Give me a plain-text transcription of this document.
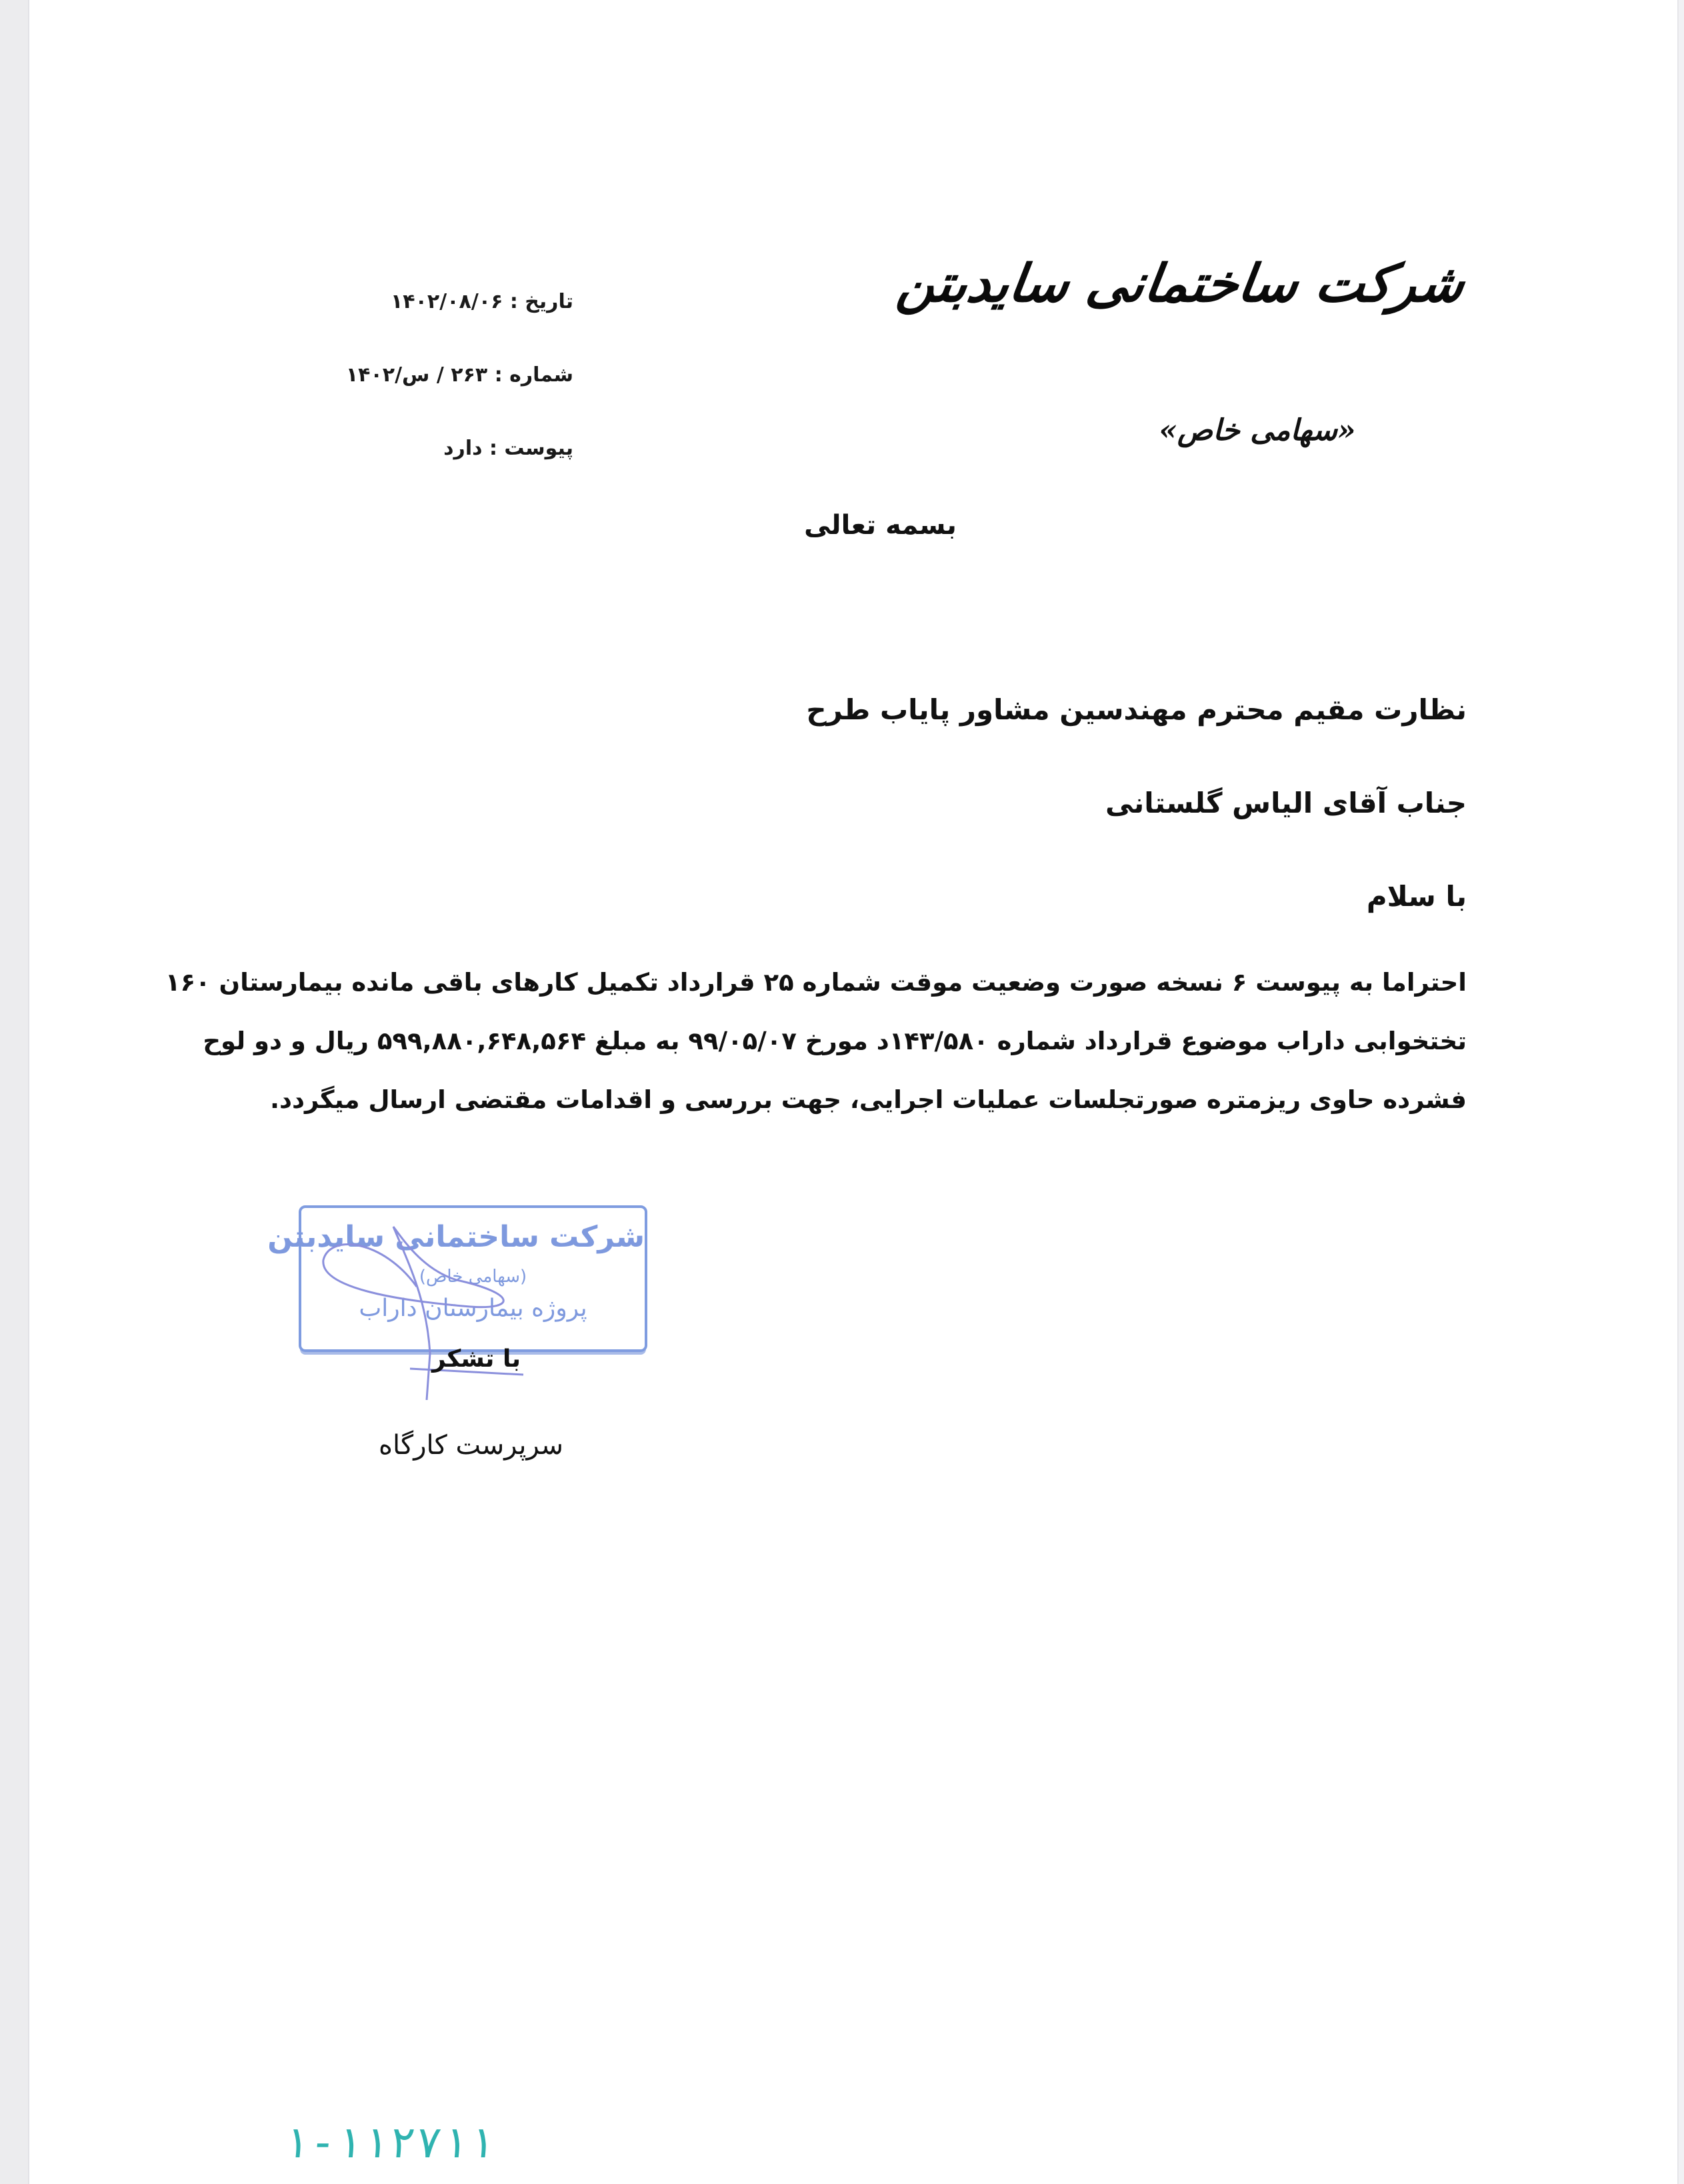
شرکت ساختمانی سایدبتن
«سهامی خاص»
تاریخ : ۱۴۰۲/۰۸/۰۶
شماره : ۲۶۳ / س/۱۴۰۲
پیوست : دارد
بسمه تعالی
نظارت مقیم محترم مهندسین مشاور پایاب طرح
جناب آقای الیاس گلستانی
با سلام
احتراما به پیوست ۶ نسخه صورت وضعیت موقت شماره ۲۵ قرارداد تکمیل کارهای باقی مانده بیمارستان ۱۶۰
تختخوابی داراب موضوع قرارداد شماره ۱۴۳/۵۸۰د مورخ ۹۹/۰۵/۰۷ به مبلغ ۵۹۹,۸۸۰,۶۴۸,۵۶۴ ریال و دو لوح
فشرده حاوی ریزمتره صورتجلسات عملیات اجرایی، جهت بررسی و اقدامات مقتضی ارسال میگردد.
شرکت ساختمانی سایدبتن
(سهامی خاص)
پروژه بیمارستان داراب
با تشکر
سرپرست کارگاه
۱-۱۱۲۷۱۱
